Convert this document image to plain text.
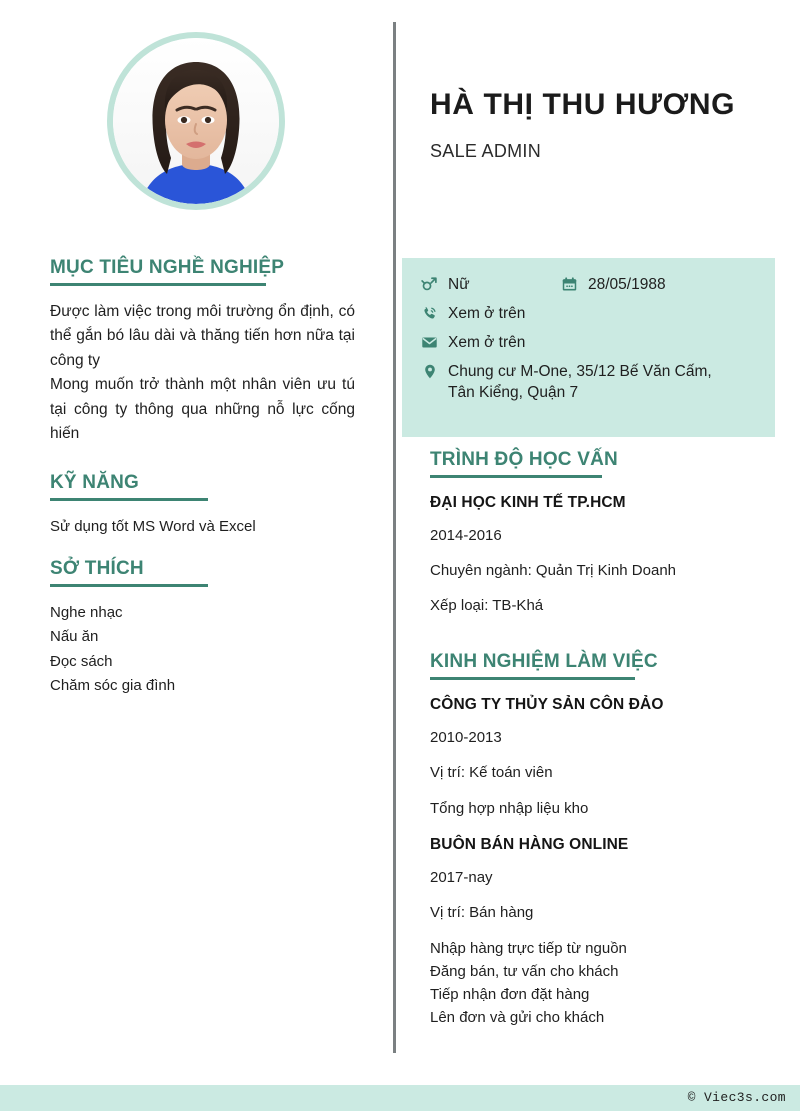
MỤC TIÊU NGHỀ NGHIỆP

Được làm việc trong môi trường ổn định, có thể gắn bó lâu dài và thăng tiến hơn nữa tại công ty

Mong muốn trở thành một nhân viên ưu tú tại công ty thông qua những nỗ lực cống hiến

KỸ NĂNG
Sử dụng tốt MS Word và Excel
SỞ THÍCH
Nghe nhạc
Nấu ăn
Đọc sách
Chăm sóc gia đình
HÀ THỊ THU HƯƠNG
SALE ADMIN
Nữ	28/05/1988
Xem ở trên
Xem ở trên
Chung cư M-One, 35/12 Bế Văn Cấm,
Tân Kiểng, Quận 7
TRÌNH ĐỘ HỌC VẤN
ĐẠI HỌC KINH TẾ TP.HCM
2014-2016
Chuyên ngành: Quản Trị Kinh Doanh
Xếp loại: TB-Khá
KINH NGHIỆM LÀM VIỆC
CÔNG TY THỦY SẢN CÔN ĐẢO
2010-2013
Vị trí: Kế toán viên
Tổng hợp nhập liệu kho
BUÔN BÁN HÀNG ONLINE
2017-nay
Vị trí: Bán hàng
Nhập hàng trực tiếp từ nguồn
Đăng bán, tư vấn cho khách
Tiếp nhận đơn đặt hàng
Lên đơn và gửi cho khách
© Viec3s.com
